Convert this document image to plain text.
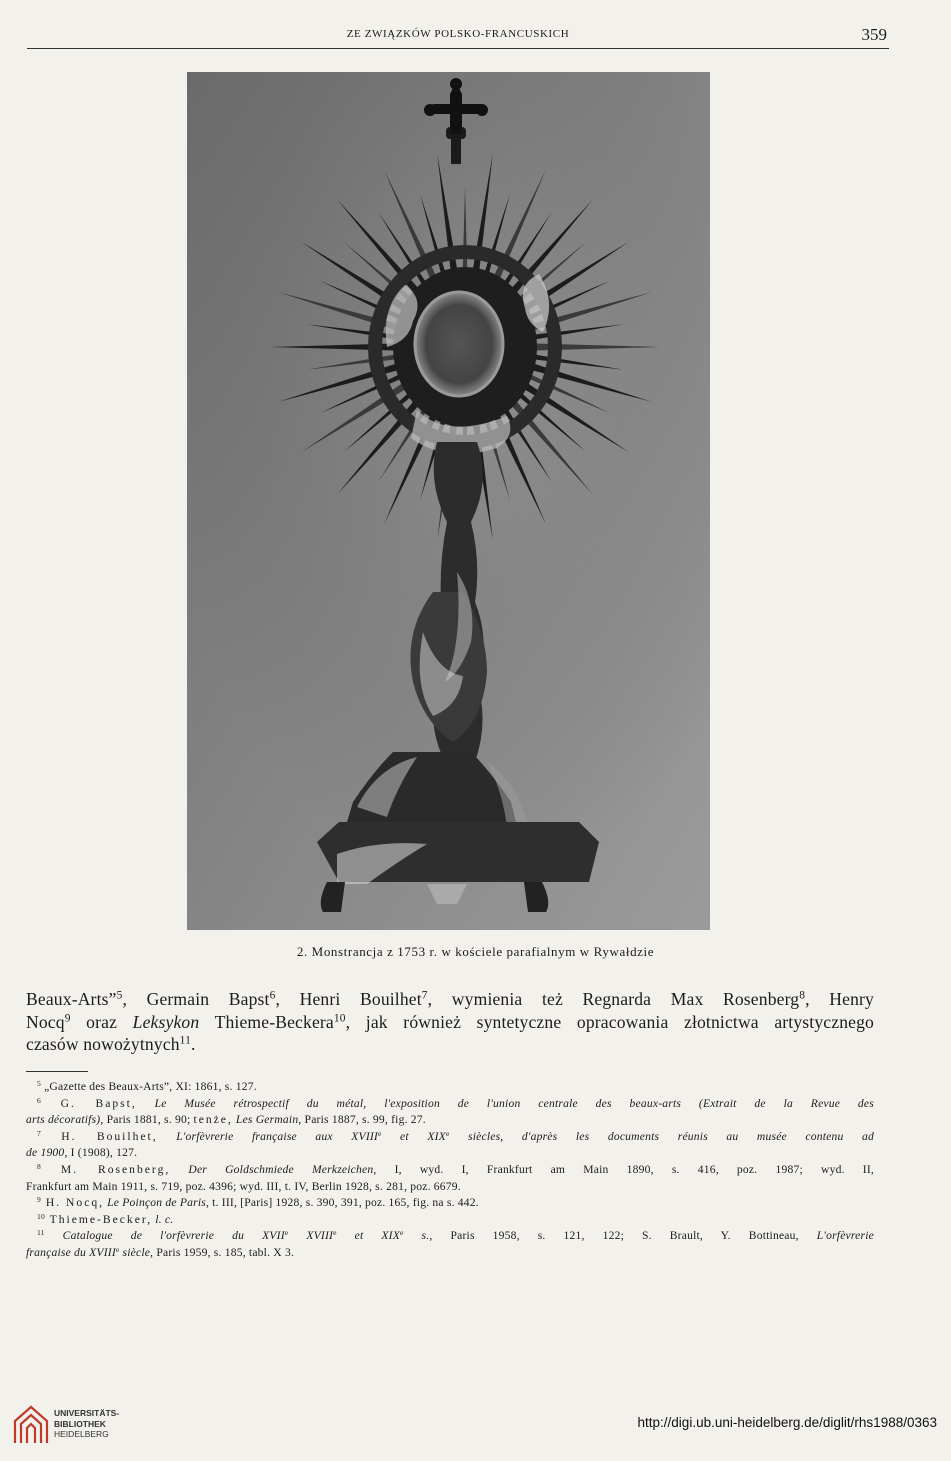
ZE ZWIĄZKÓW POLSKO-FRANCUSKICH	359
2. Monstrancja z 1753 r. w kościele parafialnym w Rywałdzie
Beaux-Arts”$^5$, Germain Bapst$^6$, Henri Bouilhet$^7$, wymienia też Regnarda Max Rosenberg$^8$, Henry
Nocq$^9$ oraz Leksykon Thieme-Beckera$^{10}$, jak również syntetyczne opracowania złotnictwa artystycznego
czasów nowożytnych$^{11}$.
$^5$ „Gazette des Beaux-Arts”, XI: 1861, s. 127.
$^6$ G. Bapst, Le Musée rétrospectif du métal, l'exposition de l'union centrale des beaux-arts (Extrait de la Revue des
arts décoratifs), Paris 1881, s. 90; tenże, Les Germain, Paris 1887, s. 99, fig. 27.
$^7$ H. Bouilhet, L'orfèvrerie française aux XVIIIe et XIXe siècles, d'après les documents réunis au musée contenu ad
de 1900, I (1908), 127.
$^8$ M. Rosenberg, Der Goldschmiede Merkzeichen, I, wyd. I, Frankfurt am Main 1890, s. 416, poz. 1987; wyd. II,
Frankfurt am Main 1911, s. 719, poz. 4396; wyd. III, t. IV, Berlin 1928, s. 281, poz. 6679.
$^9$ H. Nocq, Le Poinçon de Paris, t. III, [Paris] 1928, s. 390, 391, poz. 165, fig. na s. 442.
$^{10}$ Thieme-Becker, l. c.
$^{11}$ Catalogue de l'orfèvrerie du XVIIe XVIIIe et XIXe s., Paris 1958, s. 121, 122; S. Brault, Y. Bottineau, L'orfèvrerie
française du XVIIIe siècle, Paris 1959, s. 185, tabl. X 3.
UNIVERSITÄTS-
BIBLIOTHEK
HEIDELBERG
http://digi.ub.uni-heidelberg.de/diglit/rhs1988/0363
